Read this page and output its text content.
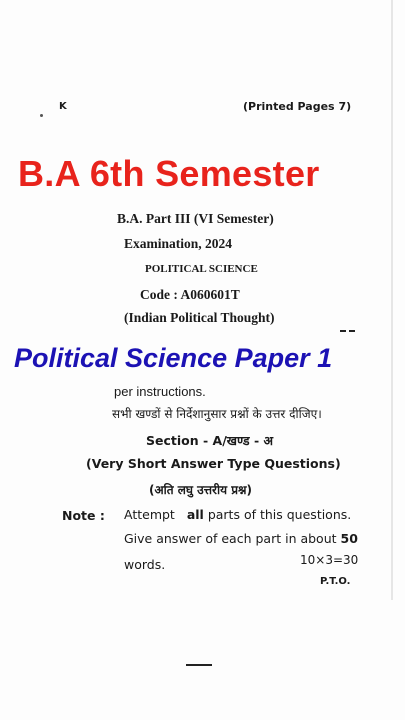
K	(Printed Pages 7)
B.A 6th Semester
B.A. Part III (VI Semester)
Examination, 2024
POLITICAL SCIENCE
Code : A060601T
(Indian Political Thought)
Political Science Paper 1
per instructions.
सभी खण्डों से निर्देशानुसार प्रश्नों के उत्तर दीजिए।
Section - A/खण्ड - अ
(Very Short Answer Type Questions)
(अति लघु उत्तरीय प्रश्न)
Note : Attempt all parts of this questions.
Give answer of each part in about 50
words.	10×3=30
P.T.O.
